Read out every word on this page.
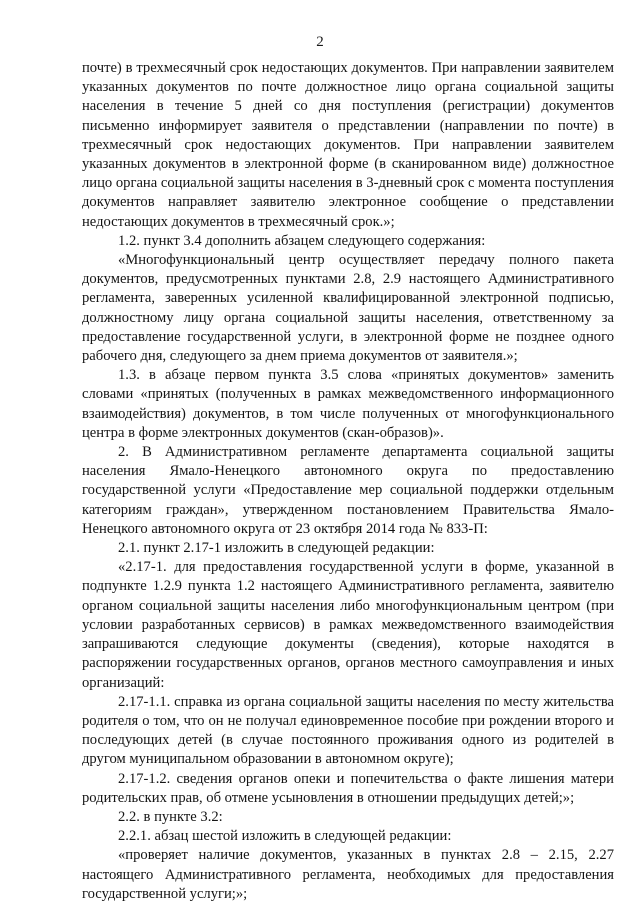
2

почте) в трехмесячный срок недостающих документов. При направлении заявителем указанных документов по почте должностное лицо органа социальной защиты населения в течение 5 дней со дня поступления (регистрации) документов письменно информирует заявителя о представлении (направлении по почте) в трехмесячный срок недостающих документов. При направлении заявителем указанных документов в электронной форме (в сканированном виде) должностное лицо органа социальной защиты населения в 3-дневный срок с момента поступления документов направляет заявителю электронное сообщение о представлении недостающих документов в трехмесячный срок.»;

1.2. пункт 3.4 дополнить абзацем следующего содержания:

«Многофункциональный центр осуществляет передачу полного пакета документов, предусмотренных пунктами 2.8, 2.9 настоящего Административного регламента, заверенных усиленной квалифицированной электронной подписью, должностному лицу органа социальной защиты населения, ответственному за предоставление государственной услуги, в электронной форме не позднее одного рабочего дня, следующего за днем приема документов от заявителя.»;

1.3. в абзаце первом пункта 3.5 слова «принятых документов» заменить словами «принятых (полученных в рамках межведомственного информационного взаимодействия) документов, в том числе полученных от многофункционального центра в форме электронных документов (скан-образов)».

2. В Административном регламенте департамента социальной защиты населения Ямало-Ненецкого автономного округа по предоставлению государственной услуги «Предоставление мер социальной поддержки отдельным категориям граждан», утвержденном постановлением Правительства Ямало-Ненецкого автономного округа от 23 октября 2014 года № 833-П:

2.1. пункт 2.17-1 изложить в следующей редакции:

«2.17-1. для предоставления государственной услуги в форме, указанной в подпункте 1.2.9 пункта 1.2 настоящего Административного регламента, заявителю органом социальной защиты населения либо многофункциональным центром (при условии разработанных сервисов) в рамках межведомственного взаимодействия запрашиваются следующие документы (сведения), которые находятся в распоряжении государственных органов, органов местного самоуправления и иных организаций:

2.17-1.1. справка из органа социальной защиты населения по месту жительства родителя о том, что он не получал единовременное пособие при рождении второго и последующих детей (в случае постоянного проживания одного из родителей в другом муниципальном образовании в автономном округе);

2.17-1.2. сведения органов опеки и попечительства о факте лишения матери родительских прав, об отмене усыновления в отношении предыдущих детей;»;

2.2. в пункте 3.2:

2.2.1. абзац шестой изложить в следующей редакции:

«проверяет наличие документов, указанных в пунктах 2.8 – 2.15, 2.27 настоящего Административного регламента, необходимых для предоставления государственной услуги;»;
